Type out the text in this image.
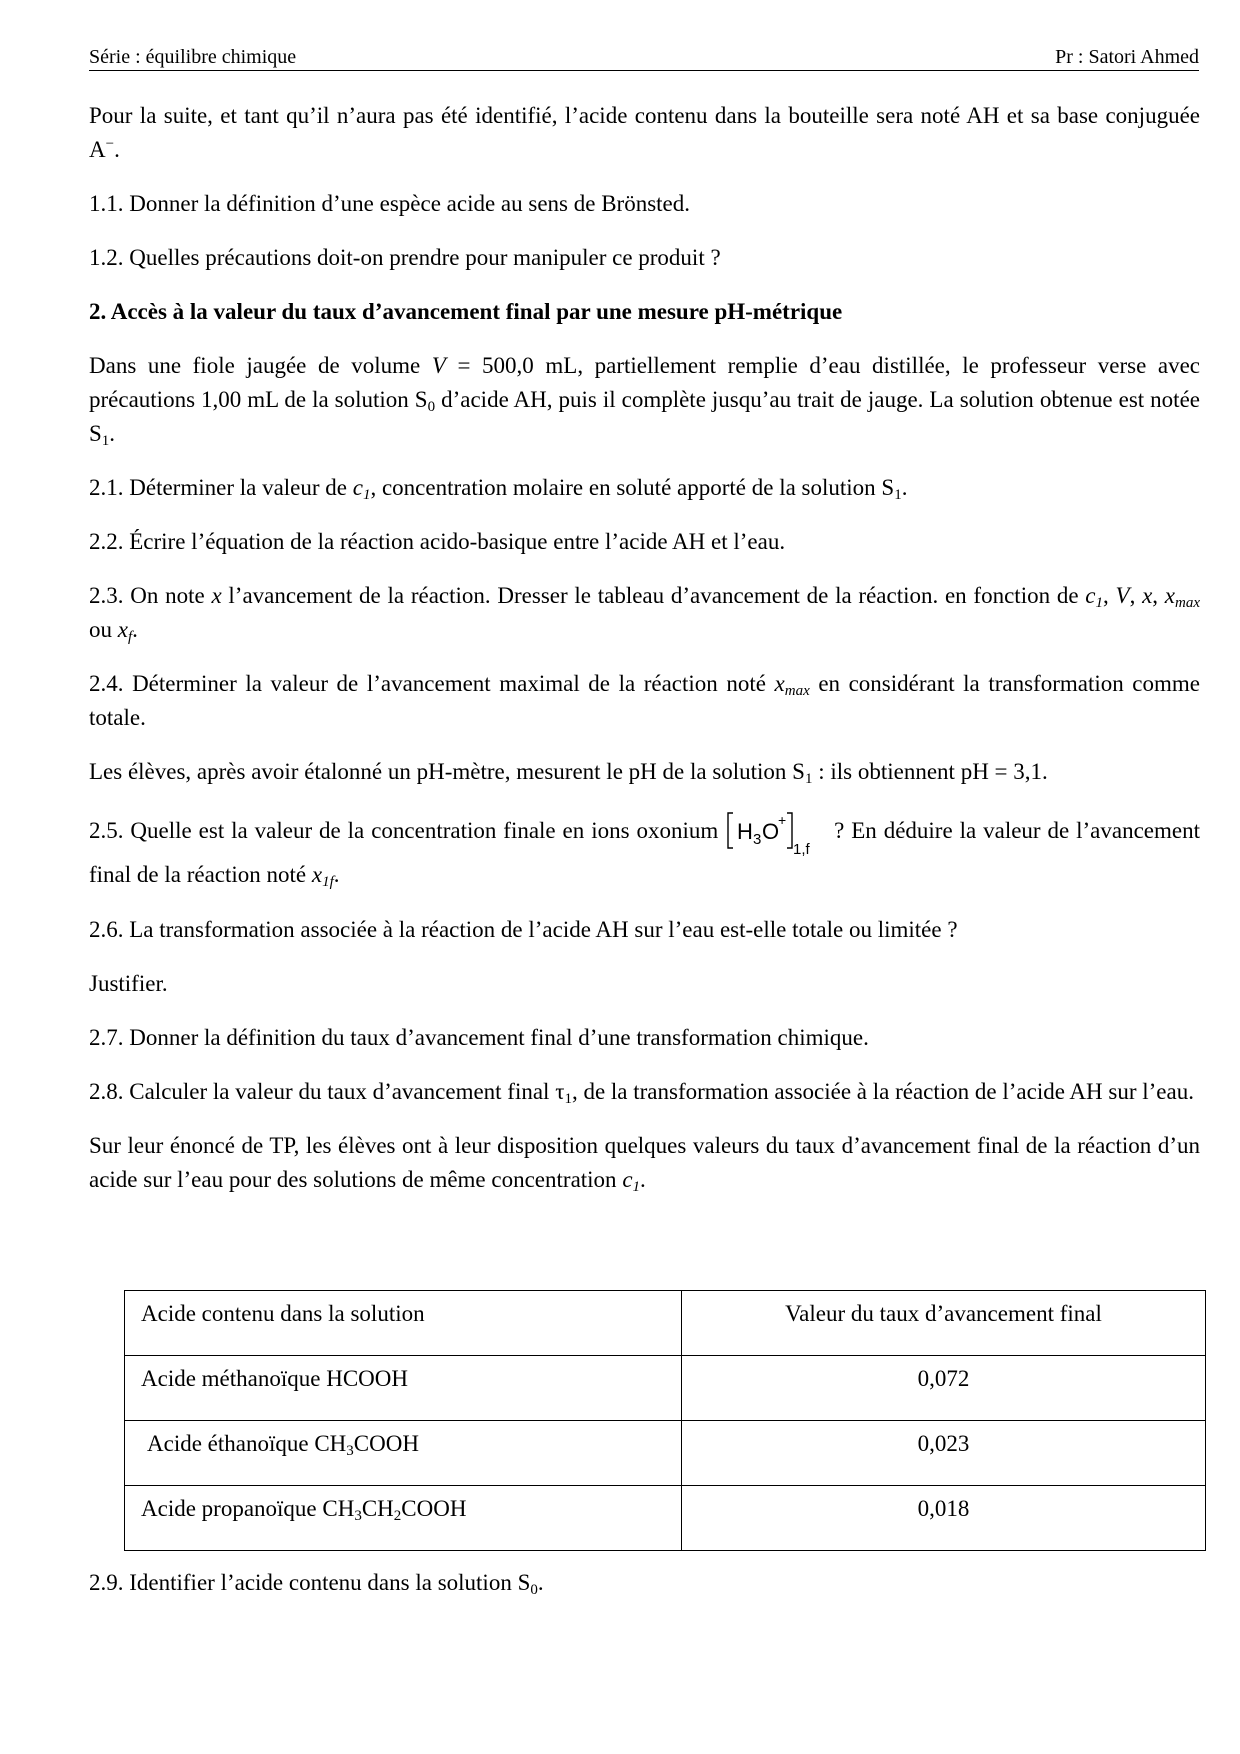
Série : équilibre chimique	Pr : Satori Ahmed

Pour la suite, et tant qu’il n’aura pas été identifié, l’acide contenu dans la bouteille sera noté AH et sa base conjuguée A−.

1.1. Donner la définition d’une espèce acide au sens de Brönsted.

1.2. Quelles précautions doit-on prendre pour manipuler ce produit ?

2. Accès à la valeur du taux d’avancement final par une mesure pH-métrique

Dans une fiole jaugée de volume V = 500,0 mL, partiellement remplie d’eau distillée, le professeur verse avec précautions 1,00 mL de la solution $S_0$ d’acide AH, puis il complète jusqu’au trait de jauge. La solution obtenue est notée $S_1$.

2.1. Déterminer la valeur de $c_1$, concentration molaire en soluté apporté de la solution $S_1$.

2.2. Écrire l’équation de la réaction acido-basique entre l’acide AH et l’eau.

2.3. On note x l’avancement de la réaction. Dresser le tableau d’avancement de la réaction. en fonction de $c_1$, V, x, $x_{max}$ ou $x_f$.

2.4. Déterminer la valeur de l’avancement maximal de la réaction noté $x_{max}$ en considérant la transformation comme totale.

Les élèves, après avoir étalonné un pH-mètre, mesurent le pH de la solution $S_1$ : ils obtiennent pH = 3,1.

2.5. Quelle est la valeur de la concentration finale en ions oxonium H 3 O
+
1,f
? En déduire la valeur de l’avancement final de la réaction noté $x_{1f}$.

2.6. La transformation associée à la réaction de l’acide AH sur l’eau est-elle totale ou limitée ?

Justifier.

2.7. Donner la définition du taux d’avancement final d’une transformation chimique.

2.8. Calculer la valeur du taux d’avancement final $\tau_1$, de la transformation associée à la réaction de l’acide AH sur l’eau.

Sur leur énoncé de TP, les élèves ont à leur disposition quelques valeurs du taux d’avancement final de la réaction d’un acide sur l’eau pour des solutions de même concentration $c_1$.

Acide contenu dans la solution	Valeur du taux d’avancement final
Acide méthanoïque HCOOH	0,072
Acide éthanoïque $CH_3COOH$	0,023
Acide propanoïque $CH_3CH_2COOH$	0,018

2.9. Identifier l’acide contenu dans la solution $S_0$.
